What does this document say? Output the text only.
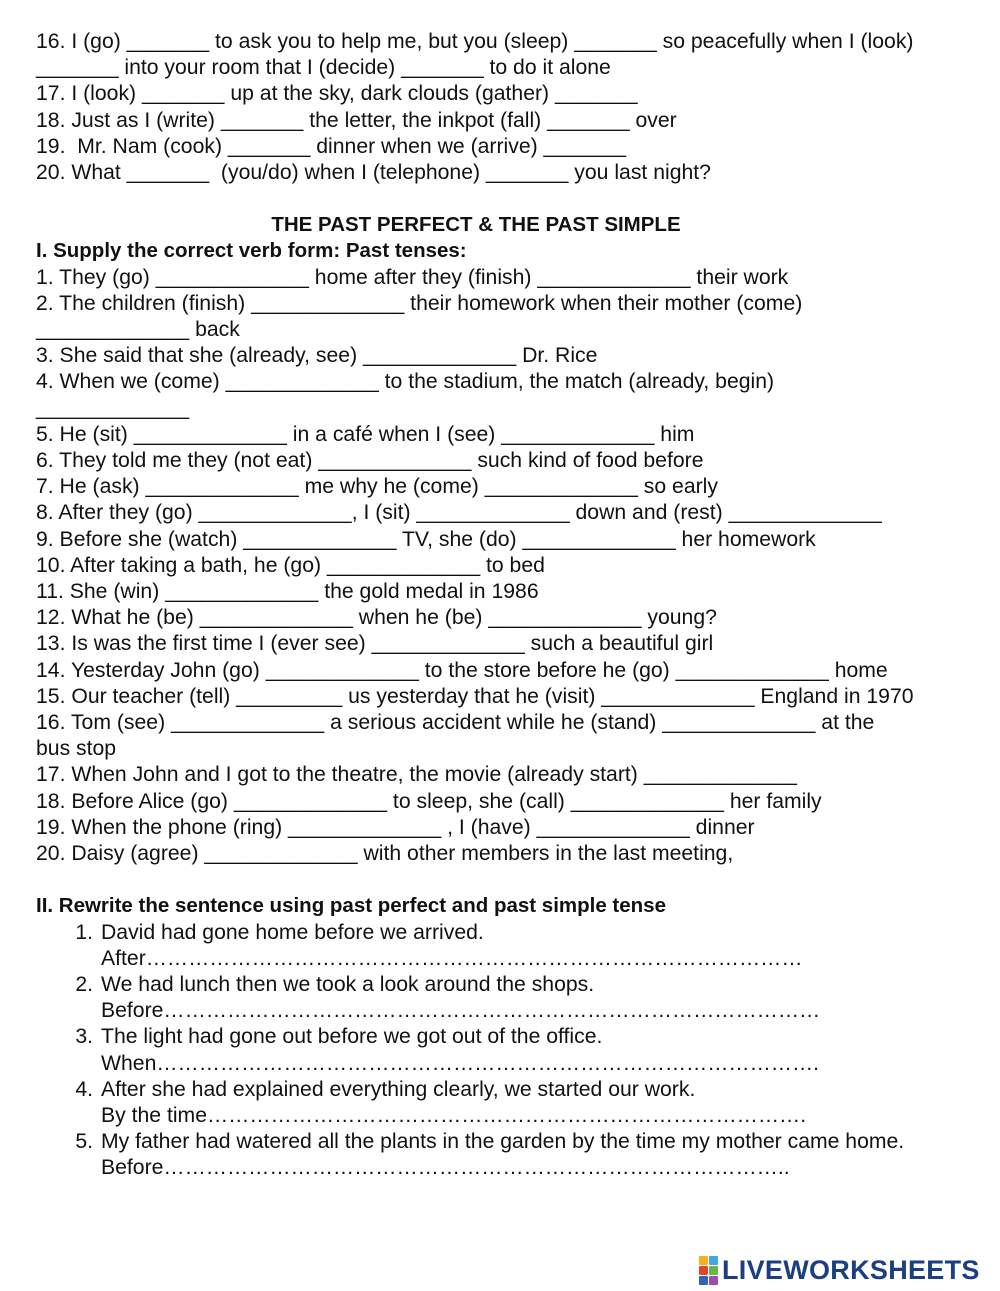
16. I (go) _______ to ask you to help me, but you (sleep) _______ so peacefully when I (look)
_______ into your room that I (decide) _______ to do it alone
17. I (look) _______ up at the sky, dark clouds (gather) _______
18. Just as I (write) _______ the letter, the inkpot (fall) _______ over
19.  Mr. Nam (cook) _______ dinner when we (arrive) _______
20. What _______  (you/do) when I (telephone) _______ you last night?
THE PAST PERFECT & THE PAST SIMPLE
I. Supply the correct verb form: Past tenses:
1. They (go) _____________ home after they (finish) _____________ their work
2. The children (finish) _____________ their homework when their mother (come)
_____________ back
3. She said that she (already, see) _____________ Dr. Rice
4. When we (come) _____________ to the stadium, the match (already, begin)
_____________
5. He (sit) _____________ in a café when I (see) _____________ him
6. They told me they (not eat) _____________ such kind of food before
7. He (ask) _____________ me why he (come) _____________ so early
8. After they (go) _____________, I (sit) _____________ down and (rest) _____________
9. Before she (watch) _____________ TV, she (do) _____________ her homework
10. After taking a bath, he (go) _____________ to bed
11. She (win) _____________ the gold medal in 1986
12. What he (be) _____________ when he (be) _____________ young?
13. Is was the first time I (ever see) _____________ such a beautiful girl
14. Yesterday John (go) _____________ to the store before he (go) _____________ home
15. Our teacher (tell) _________ us yesterday that he (visit) _____________ England in 1970
16. Tom (see) _____________ a serious accident while he (stand) _____________ at the
bus stop
17. When John and I got to the theatre, the movie (already start) _____________
18. Before Alice (go) _____________ to sleep, she (call) _____________ her family
19. When the phone (ring) _____________ , I (have) _____________ dinner
20. Daisy (agree) _____________ with other members in the last meeting,
II. Rewrite the sentence using past perfect and past simple tense
1. David had gone home before we arrived.
After…………………………………………………………………………………
2. We had lunch then we took a look around the shops.
Before…………………………………………………………………………………
3. The light had gone out before we got out of the office.
When………………………………………………………………………………….
4. After she had explained everything clearly, we started our work.
By the time………………………………………………………………………….
5. My father had watered all the plants in the garden by the time my mother came home.
Before……………………………………………………………………………..
LIVEWORKSHEETS
